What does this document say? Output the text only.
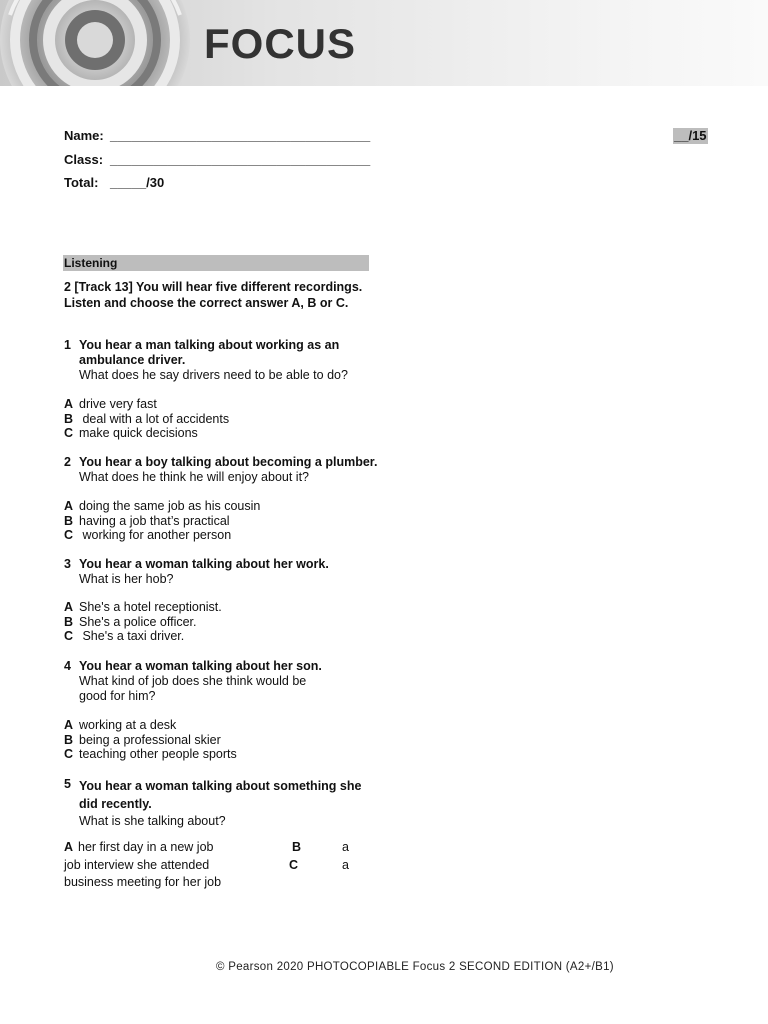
FOCUS
Name: ____________________________________
Class: ____________________________________
Total: _____/30
__/15
Listening
2 [Track 13] You will hear five different recordings.
Listen and choose the correct answer A, B or C.
1 You hear a man talking about working as an
ambulance driver.
What does he say drivers need to be able to do?
A drive very fast
B deal with a lot of accidents
C make quick decisions
2 You hear a boy talking about becoming a plumber.
What does he think he will enjoy about it?
A doing the same job as his cousin
B having a job that’s practical
C working for another person
3 You hear a woman talking about her work.
What is her hob?
A She's a hotel receptionist.
B She's a police officer.
C She's a taxi driver.
4 You hear a woman talking about her son.
What kind of job does she think would be
good for him?
A working at a desk
B being a professional skier
C teaching other people sports
5 You hear a woman talking about something she
did recently.
What is she talking about?
A her first day in a new job	B	a
job interview she attended	C	a
business meeting for her job
© Pearson 2020 PHOTOCOPIABLE Focus 2 SECOND EDITION (A2+/B1)
